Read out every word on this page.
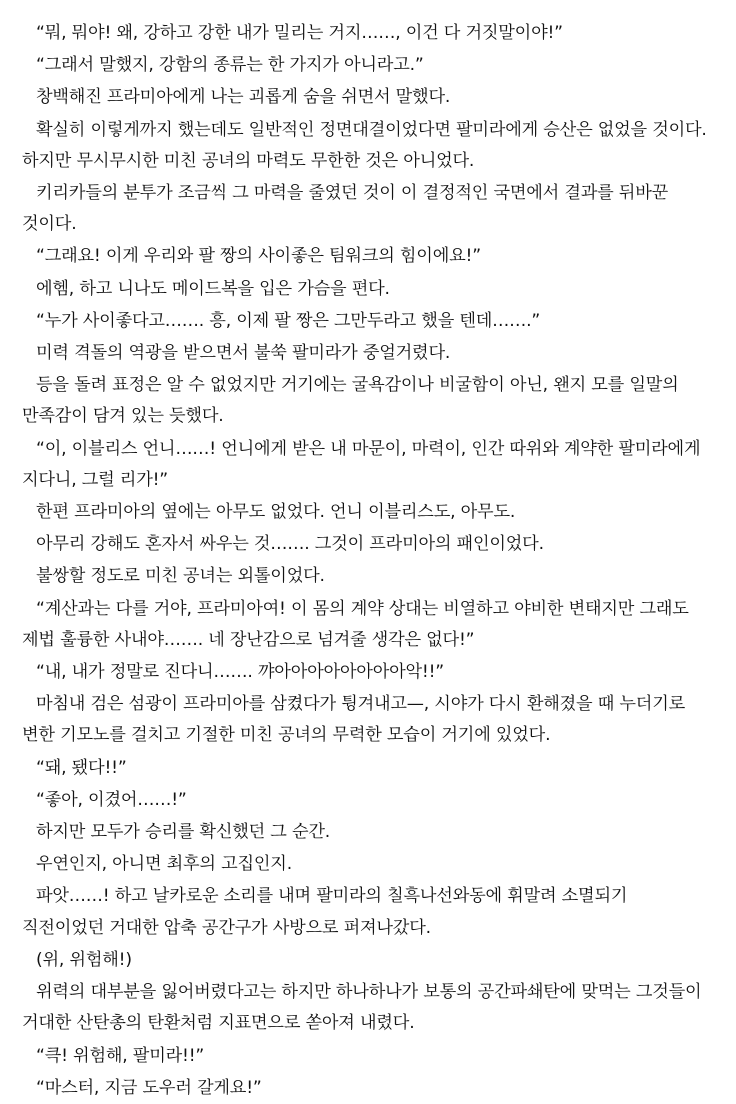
“뭐, 뭐야! 왜, 강하고 강한 내가 밀리는 거지……, 이건 다 거짓말이야!”

“그래서 말했지, 강함의 종류는 한 가지가 아니라고.”

창백해진 프라미아에게 나는 괴롭게 숨을 쉬면서 말했다.

확실히 이렇게까지 했는데도 일반적인 정면대결이었다면 팔미라에게 승산은 없었을 것이다. 하지만 무시무시한 미친 공녀의 마력도 무한한 것은 아니었다.

키리카들의 분투가 조금씩 그 마력을 줄였던 것이 이 결정적인 국면에서 결과를 뒤바꾼 것이다.

“그래요! 이게 우리와 팔 짱의 사이좋은 팀워크의 힘이에요!”

에헴, 하고 니나도 메이드복을 입은 가슴을 편다.

“누가 사이좋다고……. 흥, 이제 팔 짱은 그만두라고 했을 텐데…….”

미력 격돌의 역광을 받으면서 불쑥 팔미라가 중얼거렸다.

등을 돌려 표정은 알 수 없었지만 거기에는 굴욕감이나 비굴함이 아닌, 왠지 모를 일말의 만족감이 담겨 있는 듯했다.

“이, 이블리스 언니……! 언니에게 받은 내 마문이, 마력이, 인간 따위와 계약한 팔미라에게 지다니, 그럴 리가!”

한편 프라미아의 옆에는 아무도 없었다. 언니 이블리스도, 아무도.

아무리 강해도 혼자서 싸우는 것……. 그것이 프라미아의 패인이었다.

불쌍할 정도로 미친 공녀는 외톨이었다.

“계산과는 다를 거야, 프라미아여! 이 몸의 계약 상대는 비열하고 야비한 변태지만 그래도 제법 훌륭한 사내야……. 네 장난감으로 넘겨줄 생각은 없다!”

“내, 내가 정말로 진다니……. 꺄아아아아아아아아악!!”

마침내 검은 섬광이 프라미아를 삼켰다가 튕겨내고—, 시야가 다시 환해졌을 때 누더기로 변한 기모노를 걸치고 기절한 미친 공녀의 무력한 모습이 거기에 있었다.

“돼, 됐다!!”

“좋아, 이겼어……!”

하지만 모두가 승리를 확신했던 그 순간.

우연인지, 아니면 최후의 고집인지.

파앗……! 하고 날카로운 소리를 내며 팔미라의 칠흑나선와동에 휘말려 소멸되기 직전이었던 거대한 압축 공간구가 사방으로 퍼져나갔다.

(위, 위험해!)

위력의 대부분을 잃어버렸다고는 하지만 하나하나가 보통의 공간파쇄탄에 맞먹는 그것들이 거대한 산탄총의 탄환처럼 지표면으로 쏟아져 내렸다.

“큭! 위험해, 팔미라!!”

“마스터, 지금 도우러 갈게요!”
